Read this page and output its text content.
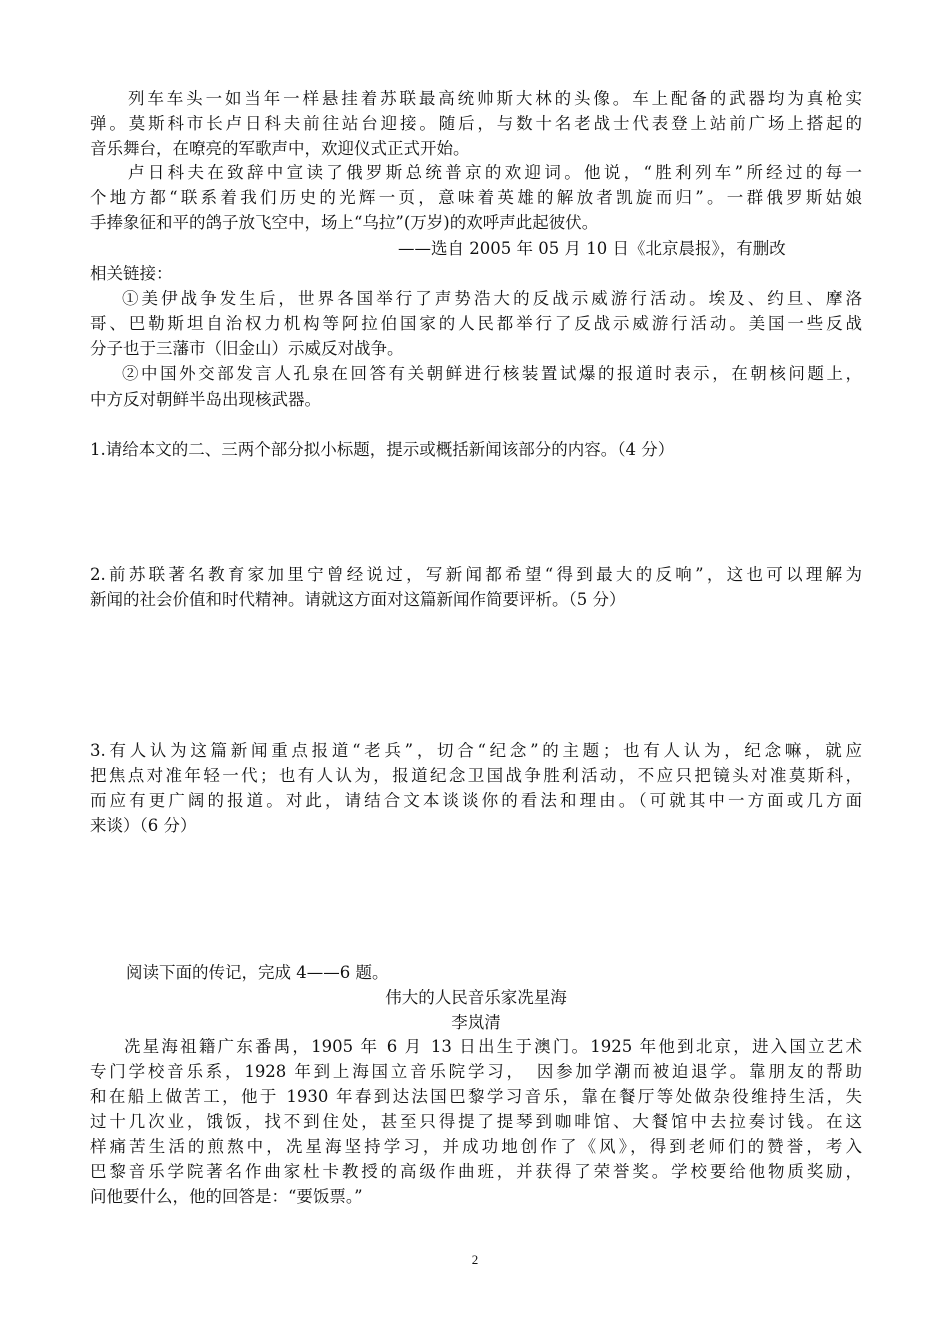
列车车头一如当年一样悬挂着苏联最高统帅斯大林的头像。车上配备的武器均为真枪实
弹。莫斯科市长卢日科夫前往站台迎接。随后，与数十名老战士代表登上站前广场上搭起的
音乐舞台，在嘹亮的军歌声中，欢迎仪式正式开始。
卢日科夫在致辞中宣读了俄罗斯总统普京的欢迎词。他说，“胜利列车”所经过的每一
个地方都“联系着我们历史的光辉一页，意味着英雄的解放者凯旋而归”。一群俄罗斯姑娘
手捧象征和平的鸽子放飞空中，场上“乌拉”(万岁)的欢呼声此起彼伏。
——选自 2005 年 05 月 10 日《北京晨报》，有删改
相关链接：
①美伊战争发生后，世界各国举行了声势浩大的反战示威游行活动。埃及、约旦、摩洛
哥、巴勒斯坦自治权力机构等阿拉伯国家的人民都举行了反战示威游行活动。美国一些反战
分子也于三藩市（旧金山）示威反对战争。
②中国外交部发言人孔泉在回答有关朝鲜进行核装置试爆的报道时表示，在朝核问题上，
中方反对朝鲜半岛出现核武器。
1.请给本文的二、三两个部分拟小标题，提示或概括新闻该部分的内容。（4 分）
2.前苏联著名教育家加里宁曾经说过，写新闻都希望“得到最大的反响”，这也可以理解为
新闻的社会价值和时代精神。请就这方面对这篇新闻作简要评析。（5 分）
3.有人认为这篇新闻重点报道“老兵”，切合“纪念”的主题；也有人认为，纪念嘛，就应
把焦点对准年轻一代；也有人认为，报道纪念卫国战争胜利活动，不应只把镜头对准莫斯科，
而应有更广阔的报道。对此，请结合文本谈谈你的看法和理由。（可就其中一方面或几方面
来谈）（6 分）
阅读下面的传记，完成 4——6 题。
伟大的人民音乐家冼星海
李岚清
冼星海祖籍广东番禺，1905 年 6 月 13 日出生于澳门。1925 年他到北京，进入国立艺术
专门学校音乐系，1928 年到上海国立音乐院学习，　因参加学潮而被迫退学。靠朋友的帮助
和在船上做苦工，他于 1930 年春到达法国巴黎学习音乐，靠在餐厅等处做杂役维持生活，失
过十几次业，饿饭，找不到住处，甚至只得提了提琴到咖啡馆、大餐馆中去拉奏讨钱。在这
样痛苦生活的煎熬中，冼星海坚持学习，并成功地创作了《风》，得到老师们的赞誉，考入
巴黎音乐学院著名作曲家杜卡教授的高级作曲班，并获得了荣誉奖。学校要给他物质奖励，
问他要什么，他的回答是：“要饭票。”
2
